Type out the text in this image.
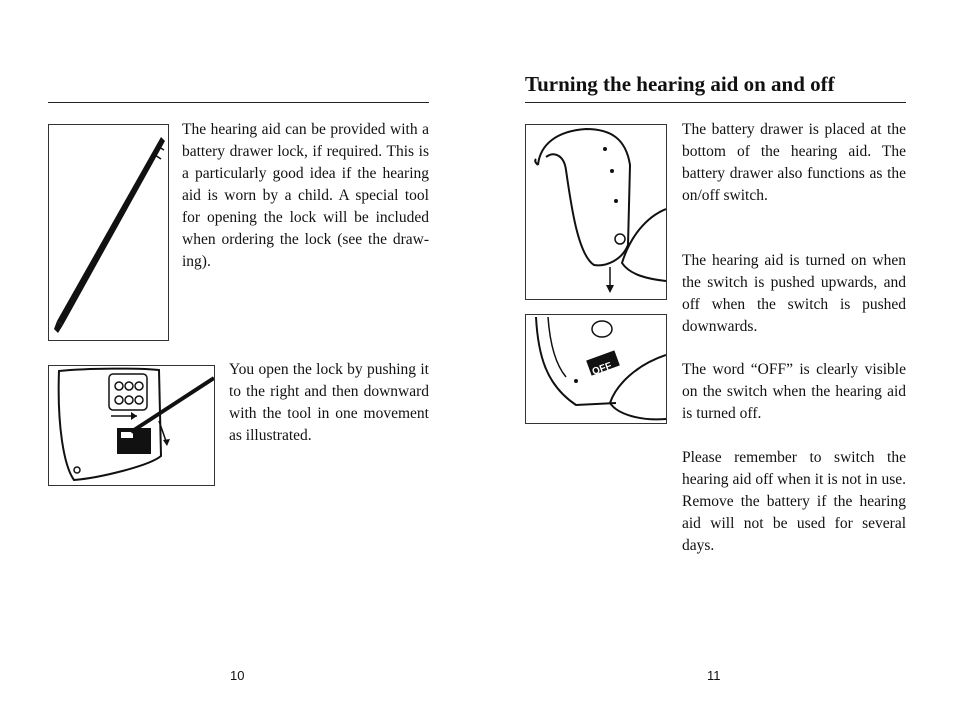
The hearing aid can be provided with a battery drawer lock, if required. This is a particularly good idea if the hearing aid is worn by a child. A special tool for opening the lock will be included when ordering the lock (see the drawing).

You open the lock by pushing it to the right and then downward with the tool in one movement as illustrated.

10
Turning the hearing aid on and off
OFF

The battery drawer is placed at the bottom of the hearing aid. The battery drawer also functions as the on/off switch.

The hearing aid is turned on when the switch is pushed upwards, and off when the switch is pushed downwards.

The word “OFF” is clearly visible on the switch when the hearing aid is turned off.

Please remember to switch the hearing aid off when it is not in use. Remove the battery if the hearing aid will not be used for several days.

11
